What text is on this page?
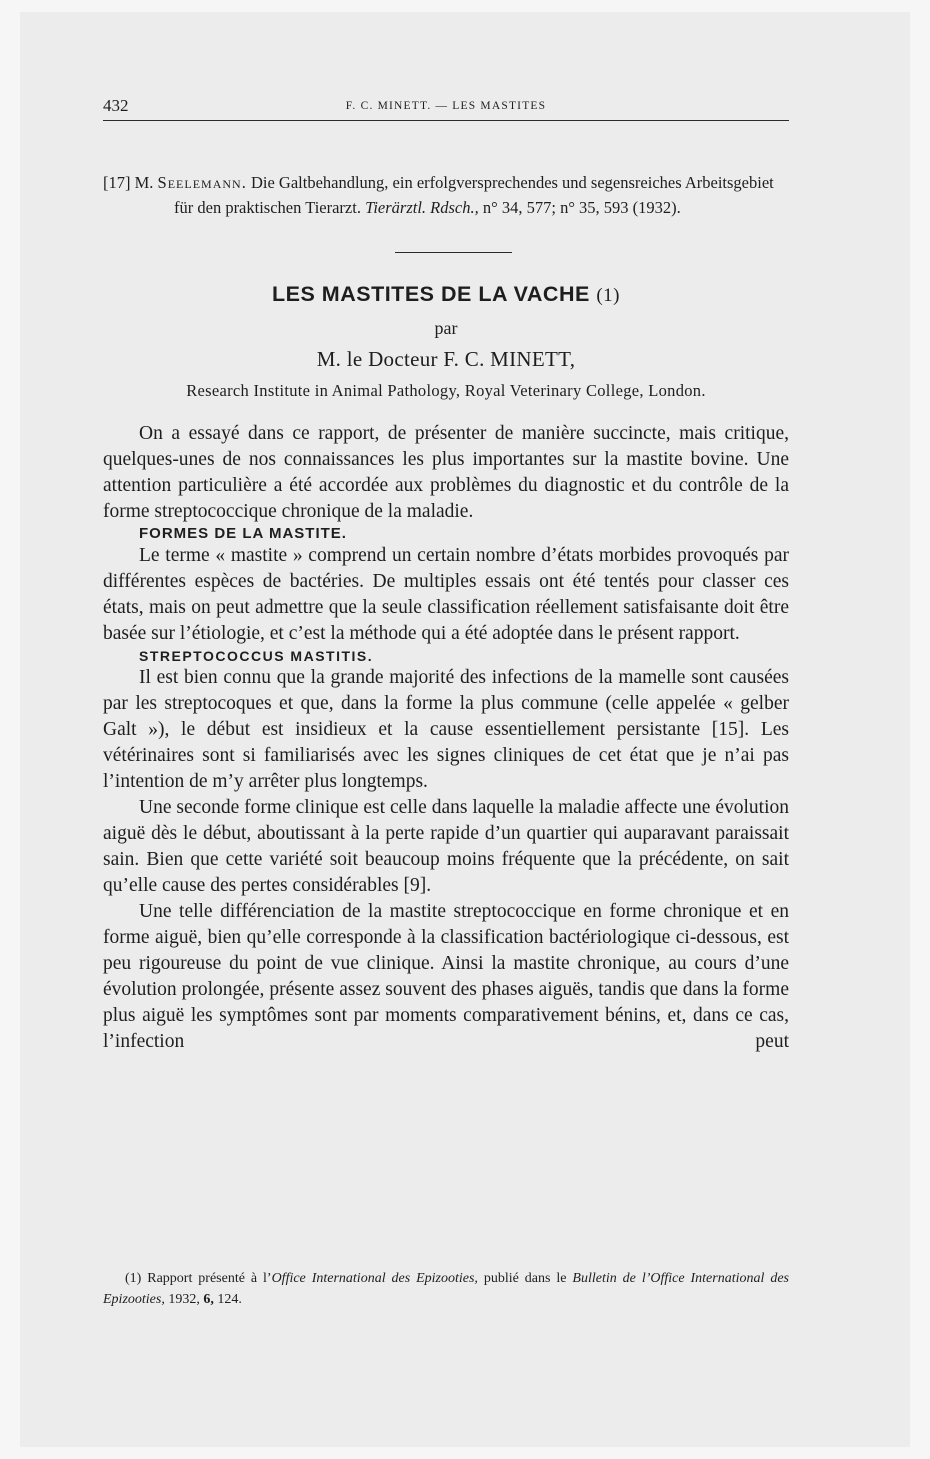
432	F. C. MINETT. — LES MASTITES

[17] M. Seelemann. Die Galtbehandlung, ein erfolgversprechendes und segensreiches Arbeitsgebiet für den praktischen Tierarzt. Tierärztl. Rdsch., n° 34, 577; n° 35, 593 (1932).

LES MASTITES DE LA VACHE (1)
par
M. le Docteur F. C. MINETT,
Research Institute in Animal Pathology, Royal Veterinary College, London.

On a essayé dans ce rapport, de présenter de manière succincte, mais critique, quelques-unes de nos connaissances les plus importantes sur la mastite bovine. Une attention particulière a été accordée aux problèmes du diagnostic et du contrôle de la forme streptococcique chronique de la maladie.

FORMES DE LA MASTITE.

Le terme « mastite » comprend un certain nombre d’états morbides provoqués par différentes espèces de bactéries. De multiples essais ont été tentés pour classer ces états, mais on peut admettre que la seule classification réellement satisfaisante doit être basée sur l’étiologie, et c’est la méthode qui a été adoptée dans le présent rapport.

STREPTOCOCCUS MASTITIS.

Il est bien connu que la grande majorité des infections de la mamelle sont causées par les streptocoques et que, dans la forme la plus commune (celle appelée « gelber Galt »), le début est insidieux et la cause essentiellement persistante [15]. Les vétérinaires sont si familiarisés avec les signes cliniques de cet état que je n’ai pas l’intention de m’y arrêter plus longtemps.

Une seconde forme clinique est celle dans laquelle la maladie affecte une évolution aiguë dès le début, aboutissant à la perte rapide d’un quartier qui auparavant paraissait sain. Bien que cette variété soit beaucoup moins fréquente que la précédente, on sait qu’elle cause des pertes considérables [9].

Une telle différenciation de la mastite streptococcique en forme chronique et en forme aiguë, bien qu’elle corresponde à la classification bactériologique ci-dessous, est peu rigoureuse du point de vue clinique. Ainsi la mastite chronique, au cours d’une évolution prolongée, présente assez souvent des phases aiguës, tandis que dans la forme plus aiguë les symptômes sont par moments comparativement bénins, et, dans ce cas, l’infection peut

(1) Rapport présenté à l’Office International des Epizooties, publié dans le Bulletin de l’Office International des Epizooties, 1932, 6, 124.
